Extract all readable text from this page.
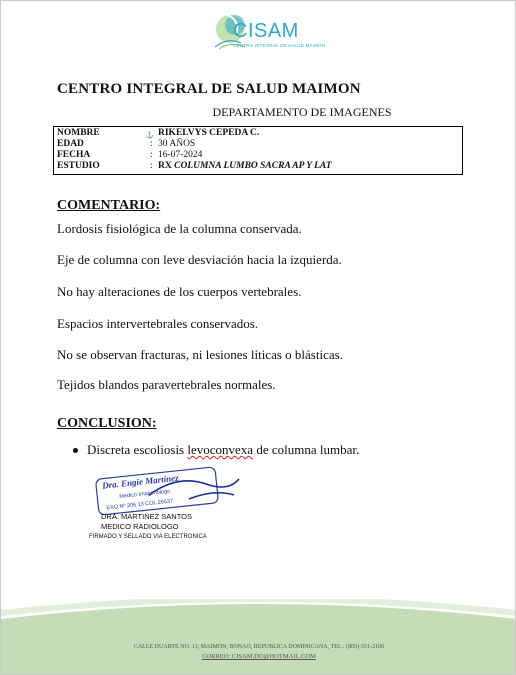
CISAM
CENTRO INTEGRAL DE SALUD MAIMON
CENTRO INTEGRAL DE SALUD MAIMON
DEPARTAMENTO DE IMAGENES
NOMBRE	⚓ RIKELVYS CEPEDA C.
EDAD	: 30 AÑOS
FECHA	: 16-07-2024
ESTUDIO	: RX COLUMNA LUMBO SACRA AP Y LAT
COMENTARIO:
Lordosis fisiológica de la columna conservada.
Eje de columna con leve desviación hacia la izquierda.
No hay alteraciones de los cuerpos vertebrales.
Espacios intervertebrales conservados.
No se observan fracturas, ni lesiones líticas o blásticas.
Tejidos blandos paravertebrales normales.
CONCLUSION:
Discreta escoliosis levoconvexa de columna lumbar.
Dra. Engie Martinez
Medico Imagenologo
EXQ Nº 206 13 COL 26537
DRA. MARTINEZ SANTOS
MEDICO RADIOLOGO
FIRMADO Y SELLADO VIA ELECTRONICA
CALLE DUARTE NO. 13, MAIMÓN, BONAO, REPUBLICA DOMINICANA, TEL.: (809)-551-2106
CORREO: CISAM.DO@HOTMAIL.COM
